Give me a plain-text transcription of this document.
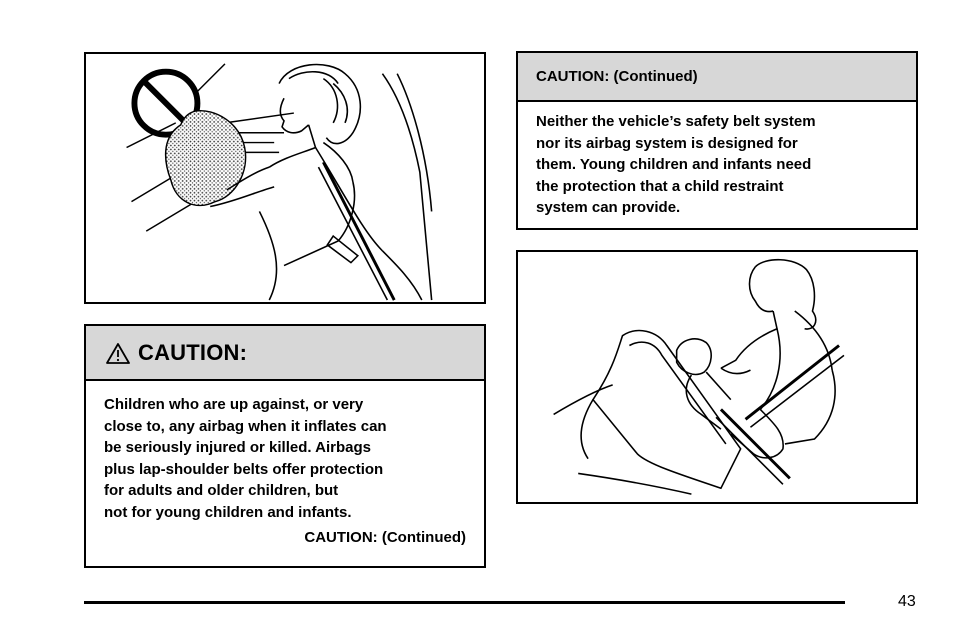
CAUTION:
Children who are up against, or very
close to, any airbag when it inflates can
be seriously injured or killed. Airbags
plus lap-shoulder belts offer protection
for adults and older children, but
not for young children and infants.
CAUTION: (Continued)
CAUTION: (Continued)
Neither the vehicle’s safety belt system
nor its airbag system is designed for
them. Young children and infants need
the protection that a child restraint
system can provide.
43
